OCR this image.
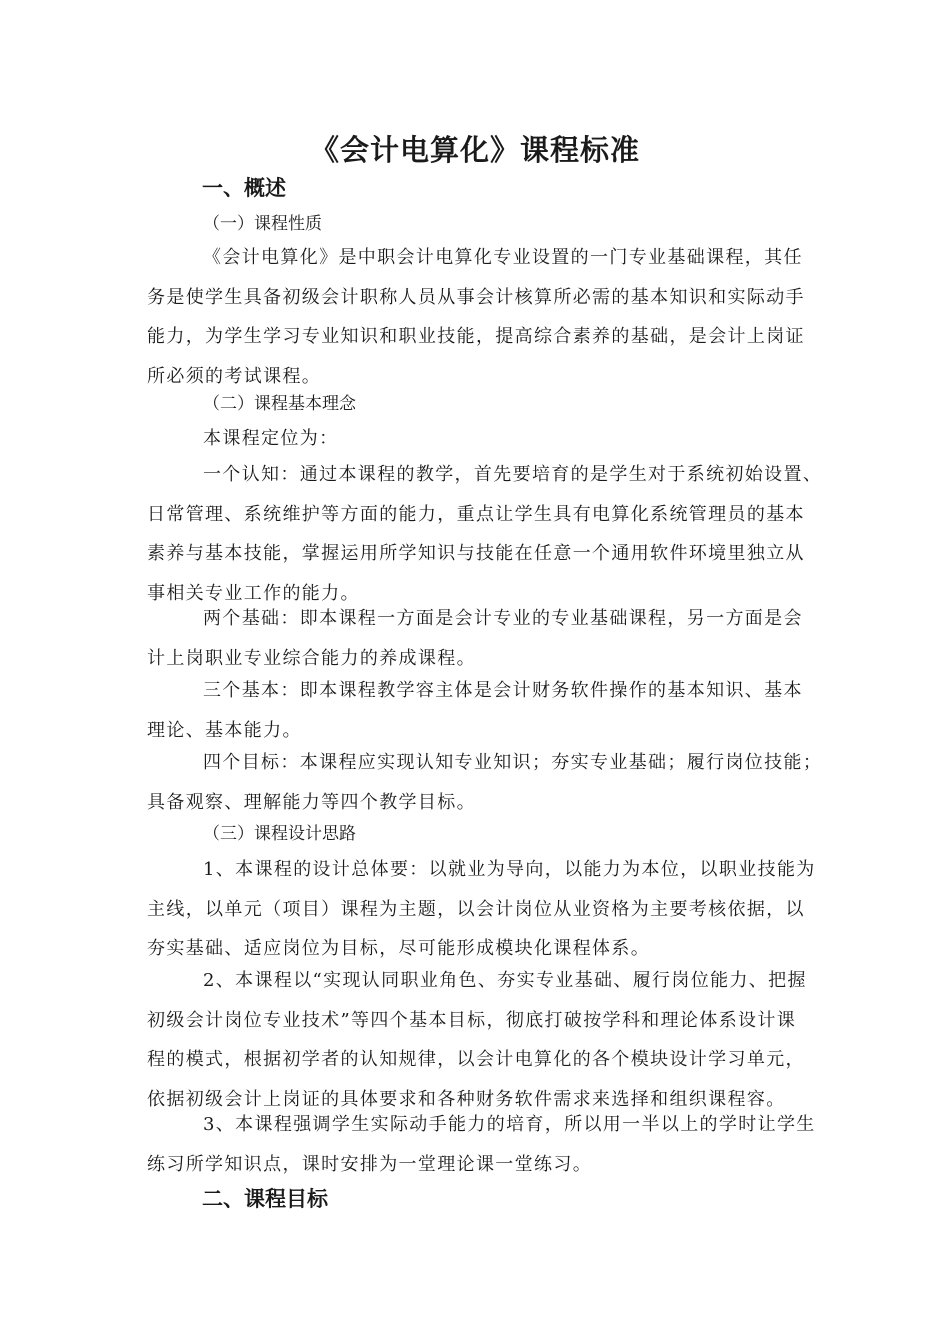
《会计电算化》课程标准
一、概述
（一）课程性质
《会计电算化》是中职会计电算化专业设置的一门专业基础课程，其任
务是使学生具备初级会计职称人员从事会计核算所必需的基本知识和实际动手
能力，为学生学习专业知识和职业技能，提高综合素养的基础，是会计上岗证
所必须的考试课程。
（二）课程基本理念
本课程定位为：
一个认知：通过本课程的教学，首先要培育的是学生对于系统初始设置、
日常管理、系统维护等方面的能力，重点让学生具有电算化系统管理员的基本
素养与基本技能，掌握运用所学知识与技能在任意一个通用软件环境里独立从
事相关专业工作的能力。
两个基础：即本课程一方面是会计专业的专业基础课程，另一方面是会
计上岗职业专业综合能力的养成课程。
三个基本：即本课程教学容主体是会计财务软件操作的基本知识、基本
理论、基本能力。
四个目标：本课程应实现认知专业知识；夯实专业基础；履行岗位技能；
具备观察、理解能力等四个教学目标。
（三）课程设计思路
1、本课程的设计总体要：以就业为导向，以能力为本位，以职业技能为
主线，以单元（项目）课程为主题，以会计岗位从业资格为主要考核依据，以
夯实基础、适应岗位为目标，尽可能形成模块化课程体系。
2、本课程以“实现认同职业角色、夯实专业基础、履行岗位能力、把握
初级会计岗位专业技术”等四个基本目标，彻底打破按学科和理论体系设计课
程的模式，根据初学者的认知规律，以会计电算化的各个模块设计学习单元，
依据初级会计上岗证的具体要求和各种财务软件需求来选择和组织课程容。
3、本课程强调学生实际动手能力的培育，所以用一半以上的学时让学生
练习所学知识点，课时安排为一堂理论课一堂练习。
二、课程目标
